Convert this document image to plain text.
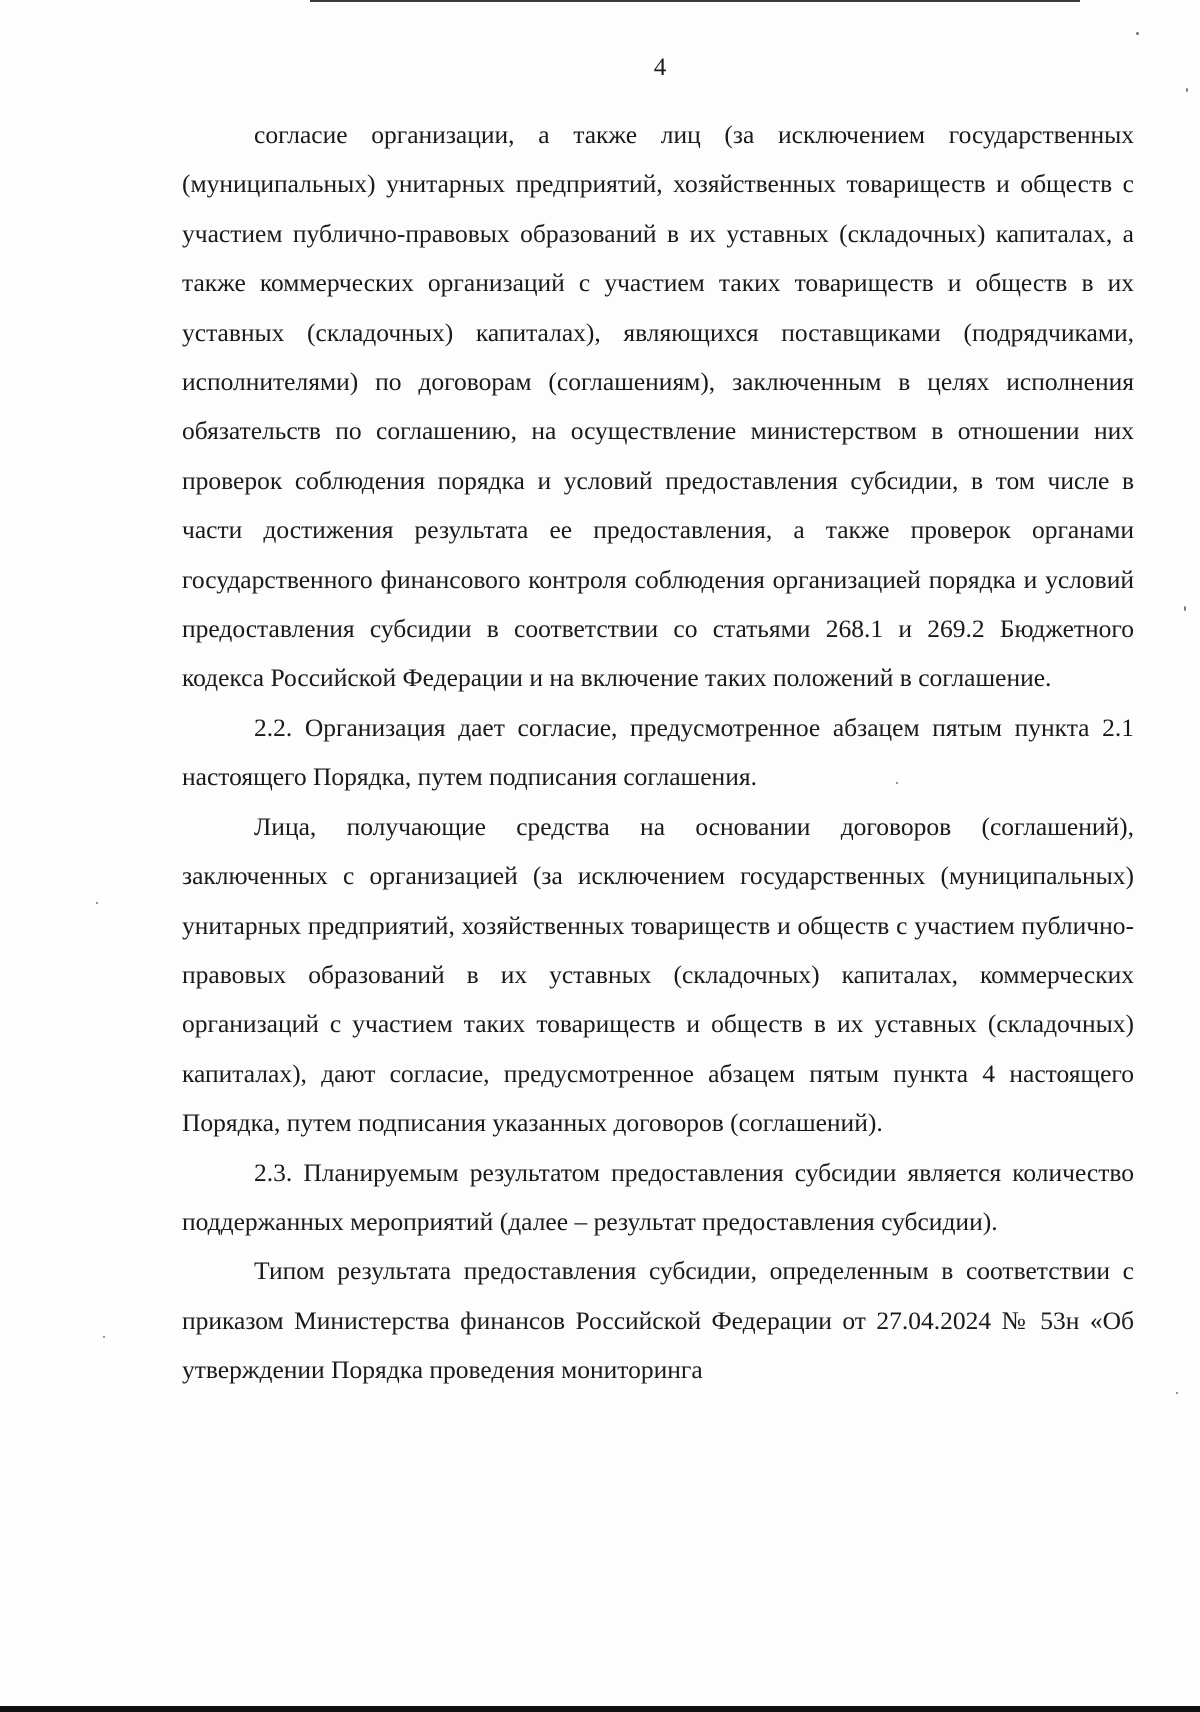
4

согласие организации, а также лиц (за исключением государственных (муниципальных) унитарных предприятий, хозяйственных товариществ и обществ с участием публично-правовых образований в их уставных (складочных) капиталах, а также коммерческих организаций с участием таких товариществ и обществ в их уставных (складочных) капиталах), являющихся поставщиками (подрядчиками, исполнителями) по договорам (соглашениям), заключенным в целях исполнения обязательств по соглашению, на осуществление министерством в отношении них проверок соблюдения порядка и условий предоставления субсидии, в том числе в части достижения результата ее предоставления, а также проверок органами государственного финансового контроля соблюдения организацией порядка и условий предоставления субсидии в соответствии со статьями 268.1 и 269.2 Бюджетного кодекса Российской Федерации и на включение таких положений в соглашение.

2.2. Организация дает согласие, предусмотренное абзацем пятым пункта 2.1 настоящего Порядка, путем подписания соглашения.

Лица, получающие средства на основании договоров (соглашений), заключенных с организацией (за исключением государственных (муниципальных) унитарных предприятий, хозяйственных товариществ и обществ с участием публично-правовых образований в их уставных (складочных) капиталах, коммерческих организаций с участием таких товариществ и обществ в их уставных (складочных) капиталах), дают согласие, предусмотренное абзацем пятым пункта 4 настоящего Порядка, путем подписания указанных договоров (соглашений).

2.3. Планируемым результатом предоставления субсидии является количество поддержанных мероприятий (далее – результат предоставления субсидии).

Типом результата предоставления субсидии, определенным в соответствии с приказом Министерства финансов Российской Федерации от 27.04.2024 № 53н «Об утверждении Порядка проведения мониторинга
